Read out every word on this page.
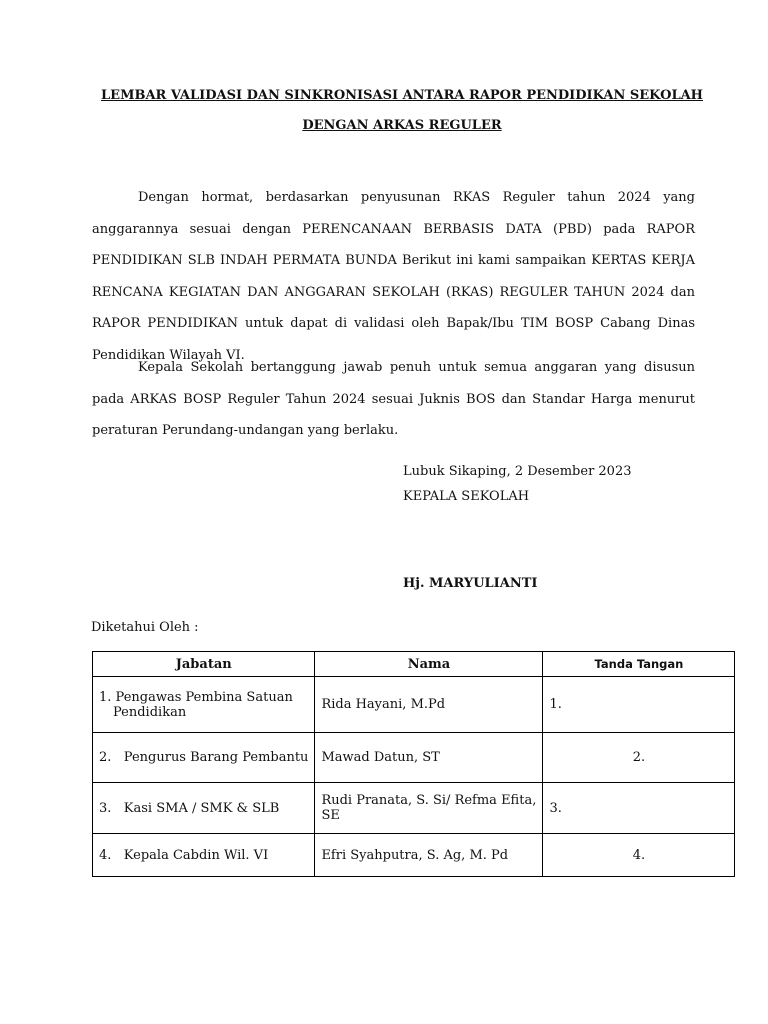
LEMBAR VALIDASI DAN SINKRONISASI ANTARA RAPOR PENDIDIKAN SEKOLAH
DENGAN ARKAS REGULER
Dengan hormat, berdasarkan penyusunan RKAS Reguler tahun 2024 yang anggarannya sesuai dengan PERENCANAAN BERBASIS DATA (PBD) pada RAPOR PENDIDIKAN SLB INDAH PERMATA BUNDA Berikut ini kami sampaikan KERTAS KERJA RENCANA KEGIATAN DAN ANGGARAN SEKOLAH (RKAS) REGULER TAHUN 2024 dan RAPOR PENDIDIKAN untuk dapat di validasi oleh Bapak/Ibu TIM BOSP Cabang Dinas Pendidikan Wilayah VI.
Kepala Sekolah bertanggung jawab penuh untuk semua anggaran yang disusun pada ARKAS BOSP Reguler Tahun 2024 sesuai Juknis BOS dan Standar Harga menurut peraturan Perundang-undangan yang berlaku.
Lubuk Sikaping, 2 Desember 2023
KEPALA SEKOLAH
Hj. MARYULIANTI
Diketahui Oleh :
Jabatan	Nama	Tanda Tangan

1. Pengawas Pembina Satuan Pendidikan	Rida Hayani, M.Pd	1.
2.   Pengurus Barang Pembantu	Mawad Datun, ST	2.
3.   Kasi SMA / SMK & SLB	Rudi Pranata, S. Si/ Refma Efita, SE	3.
4.   Kepala Cabdin Wil. VI	Efri Syahputra, S. Ag, M. Pd	4.
